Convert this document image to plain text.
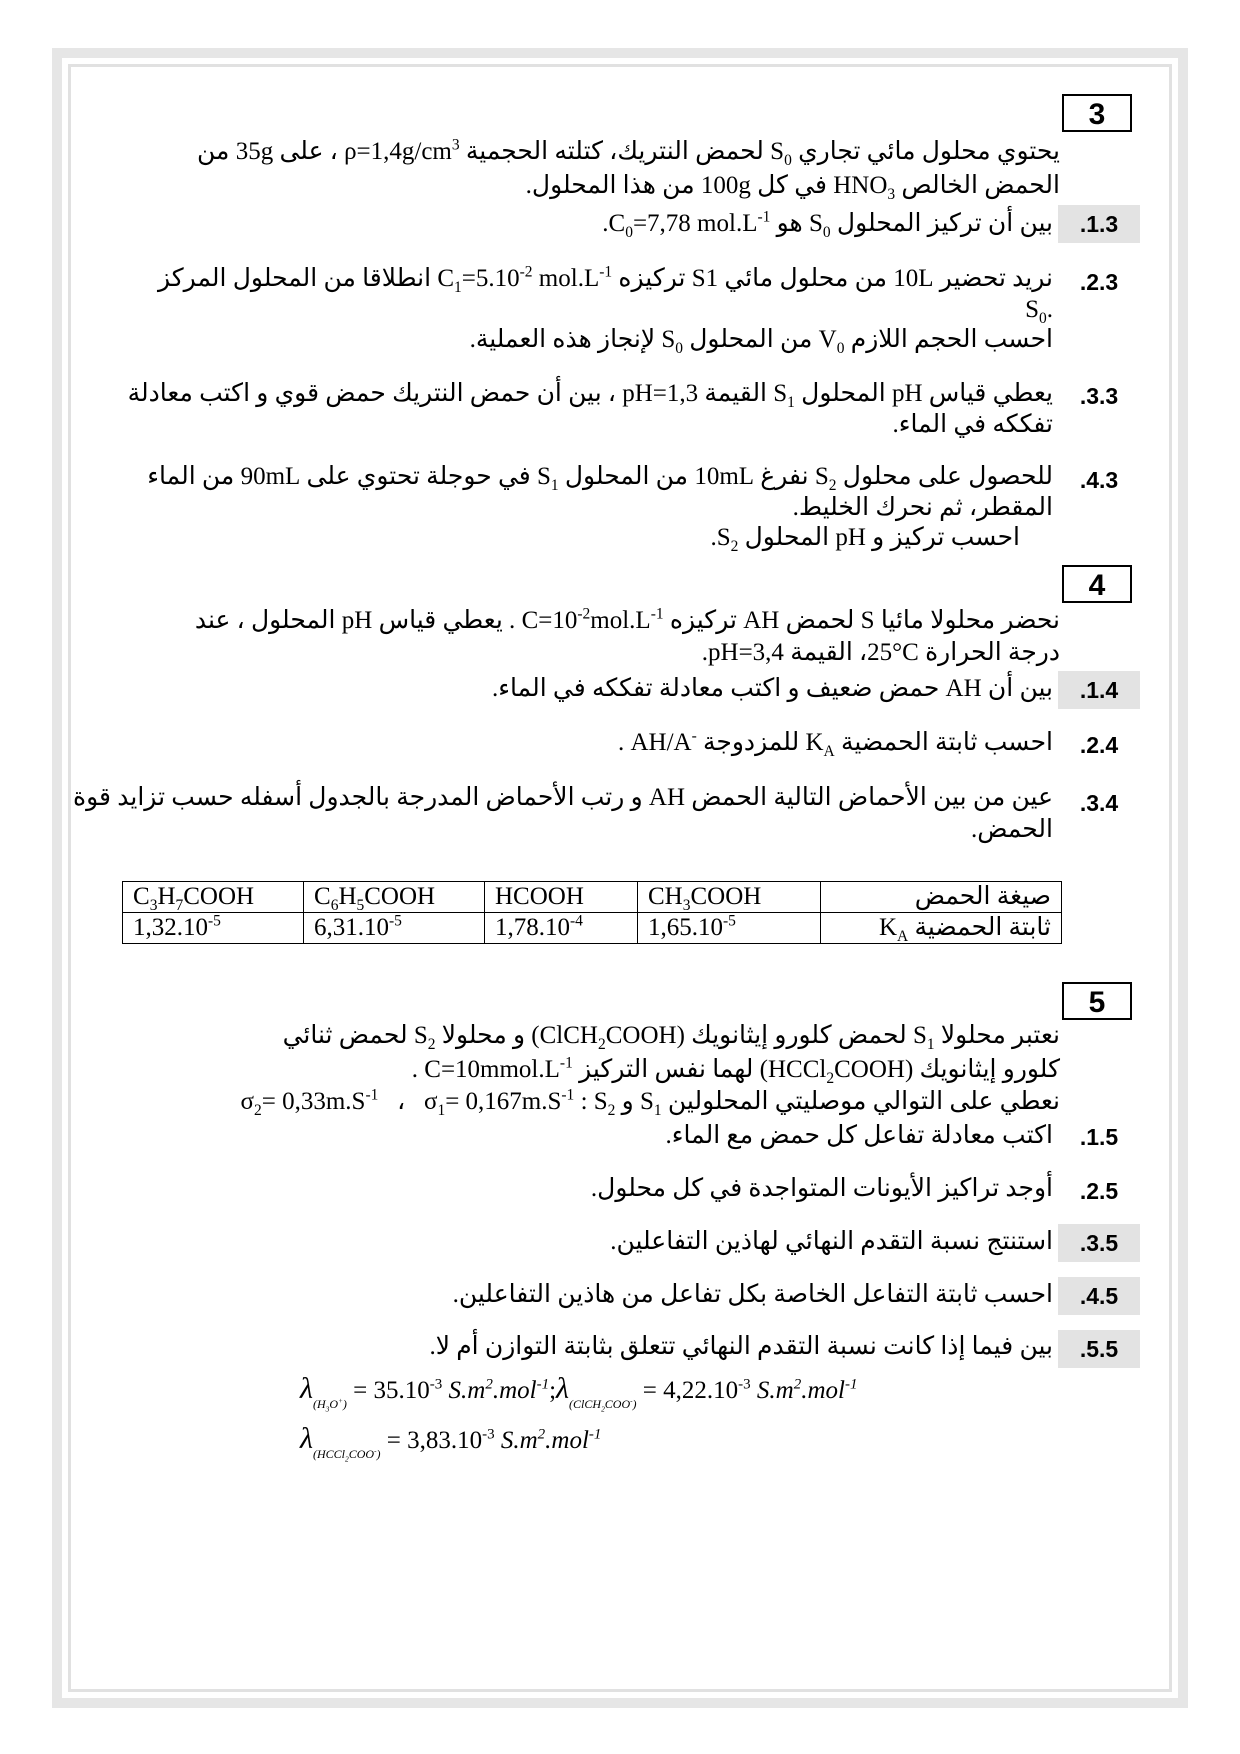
3
يحتوي محلول مائي تجاري $S_0$ لحمض النتريك، كتلته الحجمية $\rho=1,4g/cm^3$ ، على 35g من
الحمض الخالص $HNO_3$ في كل 100g من هذا المحلول.
.1.3
بين أن تركيز المحلول $S_0$ هو $C_0=7,78$ $mol.L^{-1}$.
.2.3
نريد تحضير 10L من محلول مائي S1 تركيزه $C_1=5.10^{-2}$ $mol.L^{-1}$ انطلاقا من المحلول المركز
$.S_0$
احسب الحجم اللازم $V_0$ من المحلول $S_0$ لإنجاز هذه العملية.
.3.3
يعطي قياس pH المحلول $S_1$ القيمة pH=1,3 ، بين أن حمض النتريك حمض قوي و اكتب معادلة
تفككه في الماء.
.4.3
للحصول على محلول $S_2$ نفرغ 10mL من المحلول $S_1$ في حوجلة تحتوي على 90mL من الماء
المقطر، ثم نحرك الخليط.
احسب تركيز و pH المحلول $S_2$.
4
نحضر محلولا مائيا S لحمض AH تركيزه $C=10^{-2}mol.L^{-1}$ . يعطي قياس pH المحلول ، عند
درجة الحرارة 25°C، القيمة pH=3,4.
.1.4
بين أن AH حمض ضعيف و اكتب معادلة تفككه في الماء.
.2.4
احسب ثابتة الحمضية $K_A$ للمزدوجة AH/A- .
.3.4
عين من بين الأحماض التالية الحمض AH و رتب الأحماض المدرجة بالجدول أسفله حسب تزايد قوة
الحمض.
$C_3H_7COOH$	$C_6H_5COOH$	HCOOH	$CH_3COOH$	صيغة الحمض
$1,32.10^{-5}$	$6,31.10^{-5}$	$1,78.10^{-4}$	$1,65.10^{-5}$	ثابتة الحمضية $K_A$
5
نعتبر محلولا $S_1$ لحمض كلورو إيثانويك (ClCH$_2$COOH) و محلولا $S_2$ لحمض ثنائي
كلورو إيثانويك (HCCl$_2$COOH) لهما نفس التركيز $C=10mmol.L^{-1}$ .
نعطي على التوالي موصليتي المحلولين $S_1$ و $S_2$ : $\sigma_1= 0,167m.S^{-1}$   ،   $\sigma_2= 0,33m.S^{-1}$
.1.5
اكتب معادلة تفاعل كل حمض مع الماء.
.2.5
أوجد تراكيز الأيونات المتواجدة في كل محلول.
.3.5
استنتج نسبة التقدم النهائي لهاذين التفاعلين.
.4.5
احسب ثابتة التفاعل الخاصة بكل تفاعل من هاذين التفاعلين.
.5.5
بين فيما إذا كانت نسبة التقدم النهائي تتعلق بثابتة التوازن أم لا.
$\lambda_{(H_3O^+)} = 35.10^{-3}$ $S.m^2.mol^{-1};\lambda_{(ClCH_2COO^-)} = 4,22.10^{-3}$ $S.m^2.mol^{-1}$
$\lambda_{(HCCl_2COO^-)} = 3,83.10^{-3}$ $S.m^2.mol^{-1}$
